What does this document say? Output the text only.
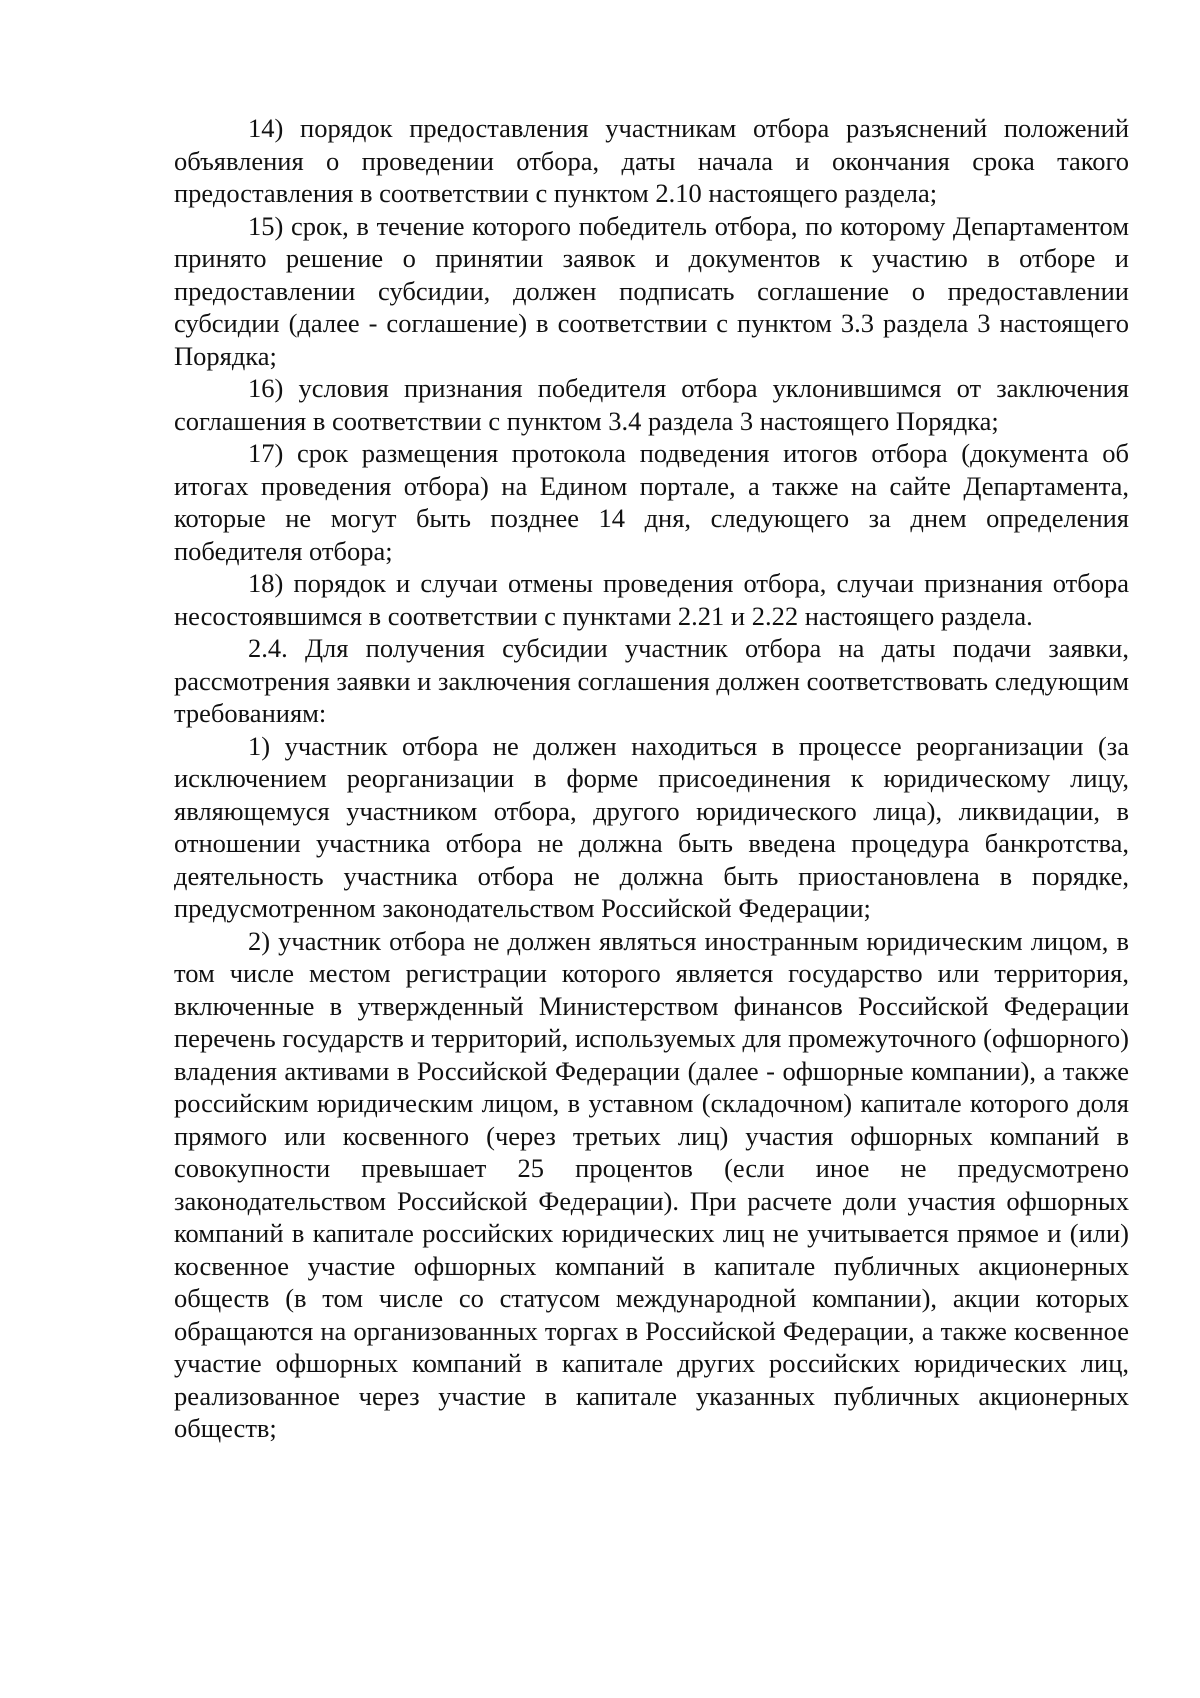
14) порядок предоставления участникам отбора разъяснений положений объявления о проведении отбора, даты начала и окончания срока такого предоставления в соответствии с пунктом 2.10 настоящего раздела;

15) срок, в течение которого победитель отбора, по которому Департаментом принято решение о принятии заявок и документов к участию в отборе и предоставлении субсидии, должен подписать соглашение о предоставлении субсидии (далее - соглашение) в соответствии с пунктом 3.3 раздела 3 настоящего Порядка;

16) условия признания победителя отбора уклонившимся от заключения соглашения в соответствии с пунктом 3.4 раздела 3 настоящего Порядка;

17) срок размещения протокола подведения итогов отбора (документа об итогах проведения отбора) на Едином портале, а также на сайте Департамента, которые не могут быть позднее 14 дня, следующего за днем определения победителя отбора;

18) порядок и случаи отмены проведения отбора, случаи признания отбора несостоявшимся в соответствии с пунктами 2.21 и 2.22 настоящего раздела.

2.4. Для получения субсидии участник отбора на даты подачи заявки, рассмотрения заявки и заключения соглашения должен соответствовать следующим требованиям:

1) участник отбора не должен находиться в процессе реорганизации (за исключением реорганизации в форме присоединения к юридическому лицу, являющемуся участником отбора, другого юридического лица), ликвидации, в отношении участника отбора не должна быть введена процедура банкротства, деятельность участника отбора не должна быть приостановлена в порядке, предусмотренном законодательством Российской Федерации;

2) участник отбора не должен являться иностранным юридическим лицом, в том числе местом регистрации которого является государство или территория, включенные в утвержденный Министерством финансов Российской Федерации перечень государств и территорий, используемых для промежуточного (офшорного) владения активами в Российской Федерации (далее - офшорные компании), а также российским юридическим лицом, в уставном (складочном) капитале которого доля прямого или косвенного (через третьих лиц) участия офшорных компаний в совокупности превышает 25 процентов (если иное не предусмотрено законодательством Российской Федерации). При расчете доли участия офшорных компаний в капитале российских юридических лиц не учитывается прямое и (или) косвенное участие офшорных компаний в капитале публичных акционерных обществ (в том числе со статусом международной компании), акции которых обращаются на организованных торгах в Российской Федерации, а также косвенное участие офшорных компаний в капитале других российских юридических лиц, реализованное через участие в капитале указанных публичных акционерных обществ;
